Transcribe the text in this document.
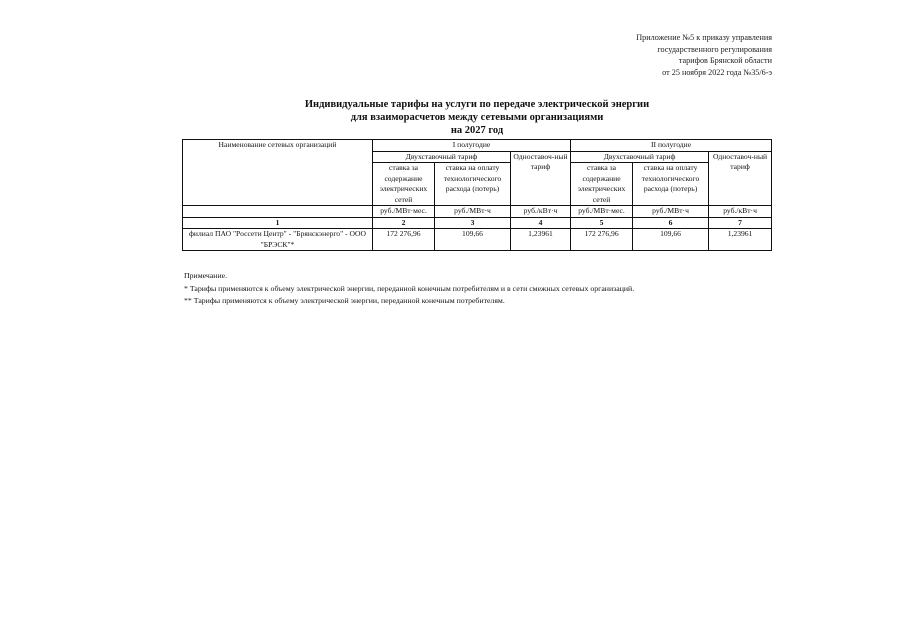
Приложение №5 к приказу управления
государственного регулирования
тарифов Брянской области
от 25 ноября 2022 года №35/6-э
Индивидуальные тарифы на услуги по передаче электрической энергии
для взаиморасчетов между сетевыми организациями
на 2027 год
Наименование сетевых организаций	I полугодие			II полугодие		
	Двухставочный тариф		Одноставоч-ный тариф	Двухставочный тариф		Одноставоч-ный тариф
	ставка за содержание электрических сетей	ставка на оплату технологического расхода (потерь)		ставка за содержание электрических сетей	ставка на оплату технологического расхода (потерь)	
	руб./МВт·мес.	руб./МВт·ч	руб./кВт·ч	руб./МВт·мес.	руб./МВт·ч	руб./кВт·ч
1	2	3	4	5	6	7
филиал ПАО "Россети Центр" - "Брянскэнерго" - ООО "БРЭСК"*	172 276,96	109,66	1,23961	172 276,96	109,66	1,23961
Примечание.
* Тарифы применяются к объему электрической энергии, переданной конечным потребителям и в сети смежных сетевых организаций.
** Тарифы применяются к объему электрической энергии, переданной конечным потребителям.
